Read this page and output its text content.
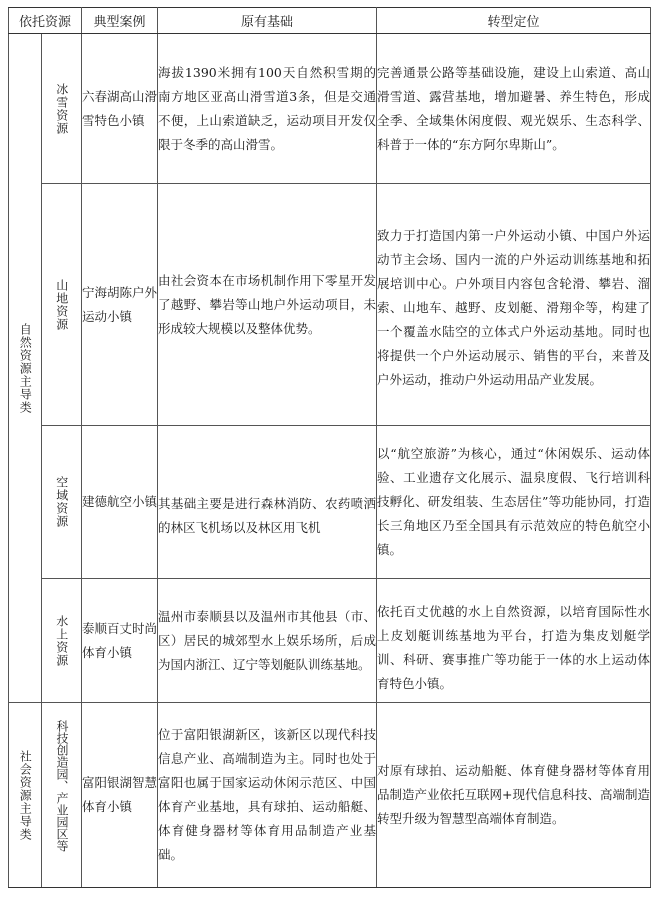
依托资源		典型案例	原有基础	转型定位

自然资源主导类	冰雪资源	六春湖高山滑雪特色小镇	海拔1390米拥有100天自然积雪期的南方地区亚高山滑雪道3条，但是交通不便，上山索道缺乏，运动项目开发仅限于冬季的高山滑雪。	完善通景公路等基础设施，建设上山索道、高山滑雪道、露营基地，增加避暑、养生特色，形成全季、全域集休闲度假、观光娱乐、生态科学、科普于一体的“东方阿尔卑斯山”。

	山地资源	宁海胡陈户外运动小镇	由社会资本在市场机制作用下零星开发了越野、攀岩等山地户外运动项目，未形成较大规模以及整体优势。	致力于打造国内第一户外运动小镇、中国户外运动节主会场、国内一流的户外运动训练基地和拓展培训中心。户外项目内容包含轮滑、攀岩、溜索、山地车、越野、皮划艇、滑翔伞等，构建了一个覆盖水陆空的立体式户外运动基地。同时也将提供一个户外运动展示、销售的平台，来普及户外运动，推动户外运动用品产业发展。

	空域资源	建德航空小镇	其基础主要是进行森林消防、农药喷洒的林区飞机场以及林区用飞机	以“航空旅游”为核心，通过“休闲娱乐、运动体验、工业遗存文化展示、温泉度假、飞行培训科技孵化、研发组装、生态居住”等功能协同，打造长三角地区乃至全国具有示范效应的特色航空小镇。

	水上资源	泰顺百丈时尚体育小镇	温州市泰顺县以及温州市其他县（市、区）居民的城郊型水上娱乐场所，后成为国内浙江、辽宁等划艇队训练基地。	依托百丈优越的水上自然资源，以培育国际性水上皮划艇训练基地为平台，打造为集皮划艇学训、科研、赛事推广等功能于一体的水上运动体育特色小镇。

社会资源主导类	科技创造园、产业园区等	富阳银湖智慧体育小镇	位于富阳银湖新区，该新区以现代科技信息产业、高端制造为主。同时也处于富阳也属于国家运动休闲示范区、中国体育产业基地，具有球拍、运动船艇、体育健身器材等体育用品制造产业基础。	对原有球拍、运动船艇、体育健身器材等体育用品制造产业依托互联网+现代信息科技、高端制造转型升级为智慧型高端体育制造。
